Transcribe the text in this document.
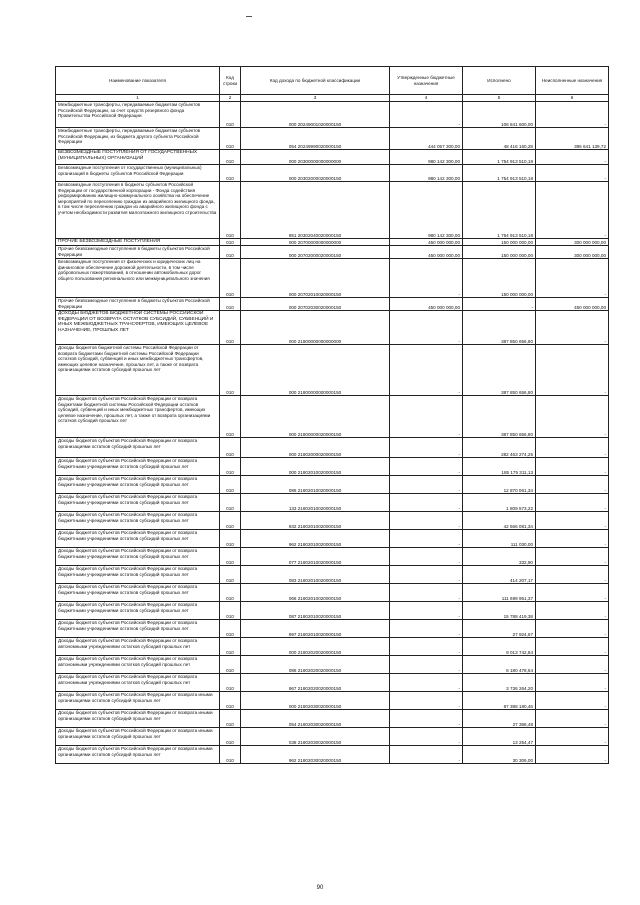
Наименование показателя	Код строки	Код дохода по бюджетной классификации	Утвержденные бюджетные назначения	Исполнено	Неисполненные назначения
1	2	3	4	5	6
Межбюджетные трансферты, передаваемые бюджетам субъектов Российской Федерации, за счет средств резервного фонда Правительства Российской Федерации	010	000 20249001020000150	-	106 841 600,00	-
Межбюджетные трансферты, передаваемые бюджетам субъектов Российской Федерации, из бюджета другого субъекта Российской Федерации	010	054 20249990020000150	444 057 300,00	48 416 160,28	395 641 139,72
БЕЗВОЗМЕЗДНЫЕ ПОСТУПЛЕНИЯ ОТ ГОСУДАРСТВЕННЫХ (МУНИЦИПАЛЬНЫХ) ОРГАНИЗАЦИЙ	010	000 20300000000000000	980 142 300,00	1 754 913 510,18	-
Безвозмездные поступления от государственных (муниципальных) организаций в бюджеты субъектов Российской Федерации	010	000 20302000020000150	980 142 300,00	1 754 913 510,18	-
Безвозмездные поступления в бюджеты субъектов Российской Федерации от государственной корпорации - Фонда содействия реформированию жилищно-коммунального хозяйства на обеспечение мероприятий по переселению граждан из аварийного жилищного фонда, в том числе переселению граждан из аварийного жилищного фонда с учетом необходимости развития малоэтажного жилищного строительства	010	851 20302040020000150	980 142 300,00	1 754 913 510,18	-
ПРОЧИЕ БЕЗВОЗМЕЗДНЫЕ ПОСТУПЛЕНИЯ	010	000 20700000000000000	450 000 000,00	150 000 000,00	300 000 000,00
Прочие безвозмездные поступления в бюджеты субъектов Российской Федерации	010	000 20702000020000150	450 000 000,00	150 000 000,00	300 000 000,00
Безвозмездные поступления от физических и юридических лиц на финансовое обеспечение дорожной деятельности, в том числе добровольных пожертвований, в отношении автомобильных дорог общего пользования регионального или межмуниципального значения	010	000 20702010020000150	-	150 000 000,00	-
Прочие безвозмездные поступления в бюджеты субъектов Российской Федерации	010	000 20702030020000150	450 000 000,00	-	450 000 000,00
ДОХОДЫ БЮДЖЕТОВ БЮДЖЕТНОЙ СИСТЕМЫ РОССИЙСКОЙ ФЕДЕРАЦИИ ОТ ВОЗВРАТА ОСТАТКОВ СУБСИДИЙ, СУБВЕНЦИЙ И ИНЫХ МЕЖБЮДЖЕТНЫХ ТРАНСФЕРТОВ, ИМЕЮЩИХ ЦЕЛЕВОЕ НАЗНАЧЕНИЕ, ПРОШЛЫХ ЛЕТ	010	000 21800000000000000	-	387 850 656,80	-
Доходы бюджетов бюджетной системы Российской Федерации от возврата бюджетами бюджетной системы Российской Федерации остатков субсидий, субвенций и иных межбюджетных трансфертов, имеющих целевое назначение, прошлых лет, а также от возврата организациями остатков субсидий прошлых лет	010	000 21800000000000150	-	387 850 656,80	-
Доходы бюджетов субъектов Российской Федерации от возврата бюджетами бюджетной системы Российской Федерации остатков субсидий, субвенций и иных межбюджетных трансфертов, имеющих целевое назначение, прошлых лет, а также от возврата организациями остатков субсидий прошлых лет	010	000 21800000020000150	-	387 850 656,80	-
Доходы бюджетов субъектов Российской Федерации от возврата организациями остатков субсидий прошлых лет	010	000 21802000020000150	-	282 463 274,25	-
Доходы бюджетов субъектов Российской Федерации от возврата бюджетными учреждениями остатков субсидий прошлых лет	010	000 21802010020000150	-	185 175 311,13	-
Доходы бюджетов субъектов Российской Федерации от возврата бюджетными учреждениями остатков субсидий прошлых лет	010	086 21802010020000150	-	12 870 061,34	-
Доходы бюджетов субъектов Российской Федерации от возврата бюджетными учреждениями остатков субсидий прошлых лет	010	133 21802010020000150	-	1 809 573,22	-
Доходы бюджетов субъектов Российской Федерации от возврата бюджетными учреждениями остатков субсидий прошлых лет	010	932 21802010020000150	-	42 566 081,34	-
Доходы бюджетов субъектов Российской Федерации от возврата бюджетными учреждениями остатков субсидий прошлых лет	010	962 21802010020000150	-	111 030,00	-
Доходы бюджетов субъектов Российской Федерации от возврата бюджетными учреждениями остатков субсидий прошлых лет	010	077 21802010020000150	-	332,90	-
Доходы бюджетов субъектов Российской Федерации от возврата бюджетными учреждениями остатков субсидий прошлых лет	010	083 21802010020000150	-	414 207,17	-
Доходы бюджетов субъектов Российской Федерации от возврата бюджетными учреждениями остатков субсидий прошлых лет	010	066 21802010020000150	-	111 699 951,37	-
Доходы бюджетов субъектов Российской Федерации от возврата бюджетными учреждениями остатков субсидий прошлых лет	010	087 21802010020000150	-	15 788 419,38	-
Доходы бюджетов субъектов Российской Федерации от возврата бюджетными учреждениями остатков субсидий прошлых лет	010	997 21802010020000150	-	27 924,67	-
Доходы бюджетов субъектов Российской Федерации от возврата автономными учреждениями остатков субсидий прошлых лет	010	000 21802020020000150	-	9 013 742,84	-
Доходы бюджетов субъектов Российской Федерации от возврата автономными учреждениями остатков субсидий прошлых лет	010	086 21802020020000150	-	6 180 478,64	-
Доходы бюджетов субъектов Российской Федерации от возврата автономными учреждениями остатков субсидий прошлых лет	010	967 21802020020000150	-	3 736 264,20	-
Доходы бюджетов субъектов Российской Федерации от возврата иными организациями остатков субсидий прошлых лет	010	000 21802030020000150	-	87 388 180,46	-
Доходы бюджетов субъектов Российской Федерации от возврата иными организациями остатков субсидий прошлых лет	010	054 21802030020000150	-	27 368,48	-
Доходы бюджетов субъектов Российской Федерации от возврата иными организациями остатков субсидий прошлых лет	010	038 21802030020000150	-	13 254,47	-
Доходы бюджетов субъектов Российской Федерации от возврата иными организациями остатков субсидий прошлых лет	010	962 21802030020000150	-	30 306,00	-
90
